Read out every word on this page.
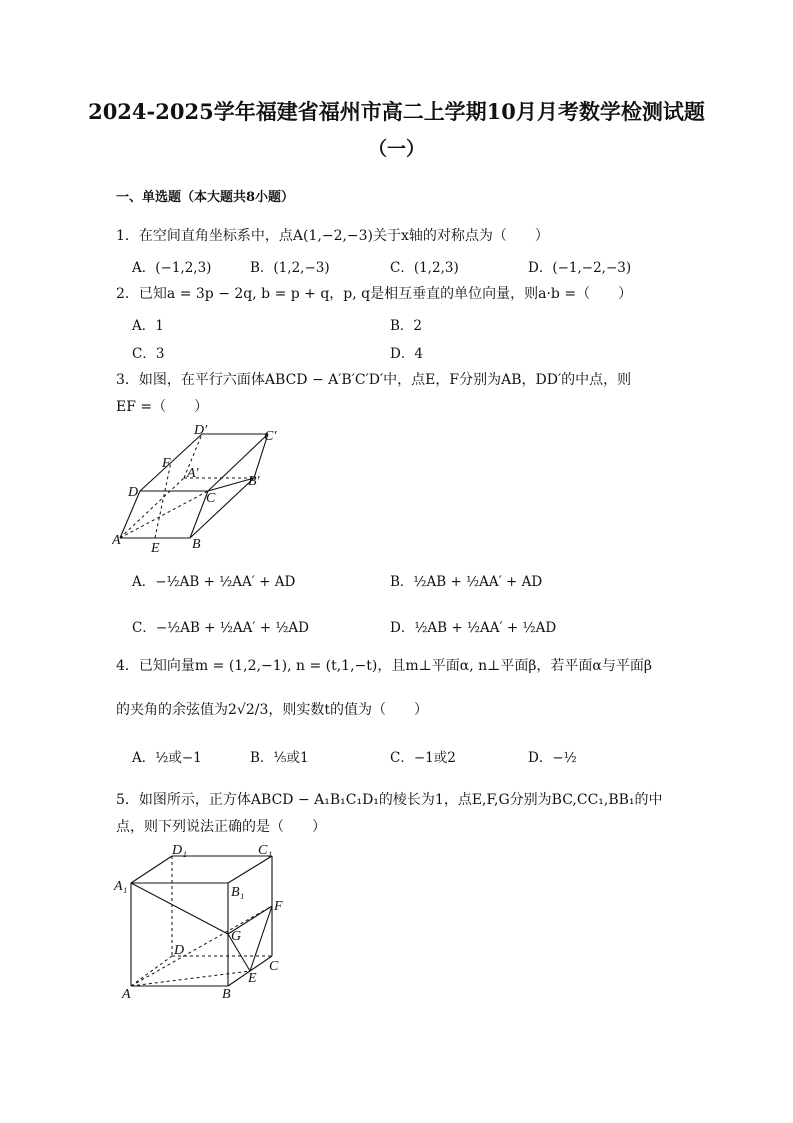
2024-2025学年福建省福州市高二上学期10月月考数学检测试题
（一）
一、单选题（本大题共8小题）
1．在空间直角坐标系中，点A(1,−2,−3)关于x轴的对称点为（　　）
A．(−1,2,3)	B．(1,2,−3)	C．(1,2,3)	D．(−1,−2,−3)
2．已知a = 3p − 2q, b = p + q，p, q是相互垂直的单位向量，则a·b =（　　）
A．1	B．2
C．3	D．4
3．如图，在平行六面体ABCD − A′B′C′D′中，点E，F分别为AB，DD′的中点，则
EF =（　　）
D′	C′
F
A′
B′
D	C
A
E B
A．−½AB + ½AA′ + AD	B．½AB + ½AA′ + AD
C．−½AB + ½AA′ + ½AD	D．½AB + ½AA′ + ½AD
4．已知向量m = (1,2,−1), n = (t,1,−t)，且m⊥平面α, n⊥平面β，若平面α与平面β
的夹角的余弦值为2√2/3，则实数t的值为（　　）
A．½或−1	B．⅕或1	C．−1或2	D．−½
5．如图所示，正方体ABCD − A₁B₁C₁D₁的棱长为1，点E,F,G分别为BC,CC₁,BB₁的中
点，则下列说法正确的是（　　）
D₁	C₁
A₁	B₁
F
G
D
C
E
A	B
